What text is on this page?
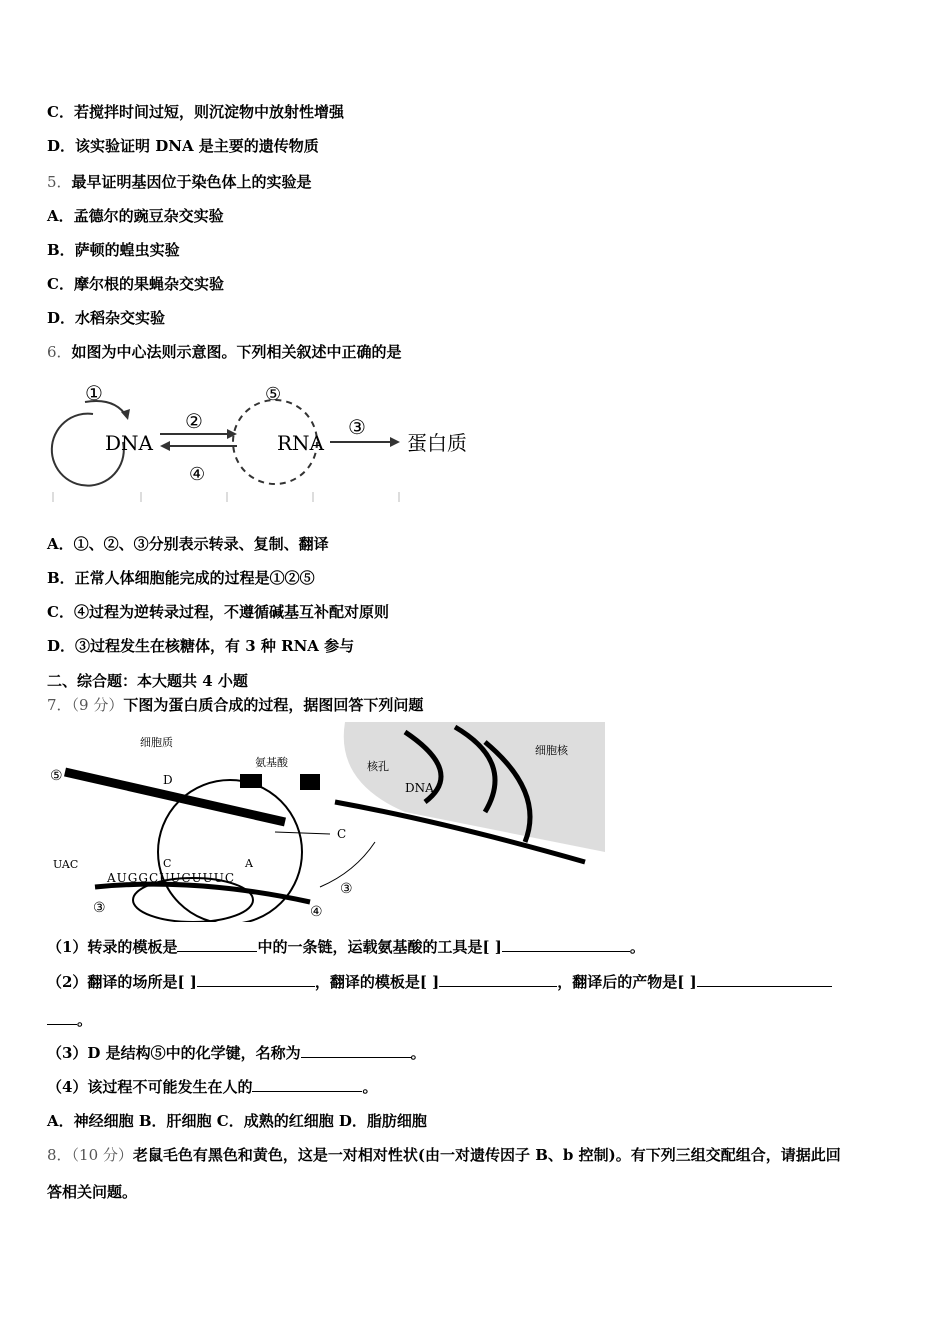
C．若搅拌时间过短，则沉淀物中放射性增强
D．该实验证明 DNA 是主要的遗传物质
5．最早证明基因位于染色体上的实验是
A．孟德尔的豌豆杂交实验
B．萨顿的蝗虫实验
C．摩尔根的果蝇杂交实验
D．水稻杂交实验
6．如图为中心法则示意图。下列相关叙述中正确的是
①
DNA
②
④
⑤
RNA
③
蛋白质
A．①、②、③分别表示转录、复制、翻译
B．正常人体细胞能完成的过程是①②⑤
C．④过程为逆转录过程，不遵循碱基互补配对原则
D．③过程发生在核糖体，有 3 种 RNA 参与
二、综合题：本大题共 4 小题
7．（9 分）下图为蛋白质合成的过程，据图回答下列问题
细胞质
氨基酸
细胞核
核孔
DNA
⑤	D
C
UAC	C	A
AUGGCUUCUUUC
③
③
④
（1）转录的模板是	中的一条链，运载氨基酸的工具是[ ]	。
（2）翻译的场所是[ ]	，翻译的模板是[ ]	，翻译后的产物是[ ]
。
（3）D 是结构⑤中的化学键，名称为	。
（4）该过程不可能发生在人的	。
A．神经细胞 B．肝细胞 C．成熟的红细胞 D．脂肪细胞
8．（10 分）老鼠毛色有黑色和黄色，这是一对相对性状(由一对遗传因子 B、b 控制)。有下列三组交配组合，请据此回
答相关问题。
